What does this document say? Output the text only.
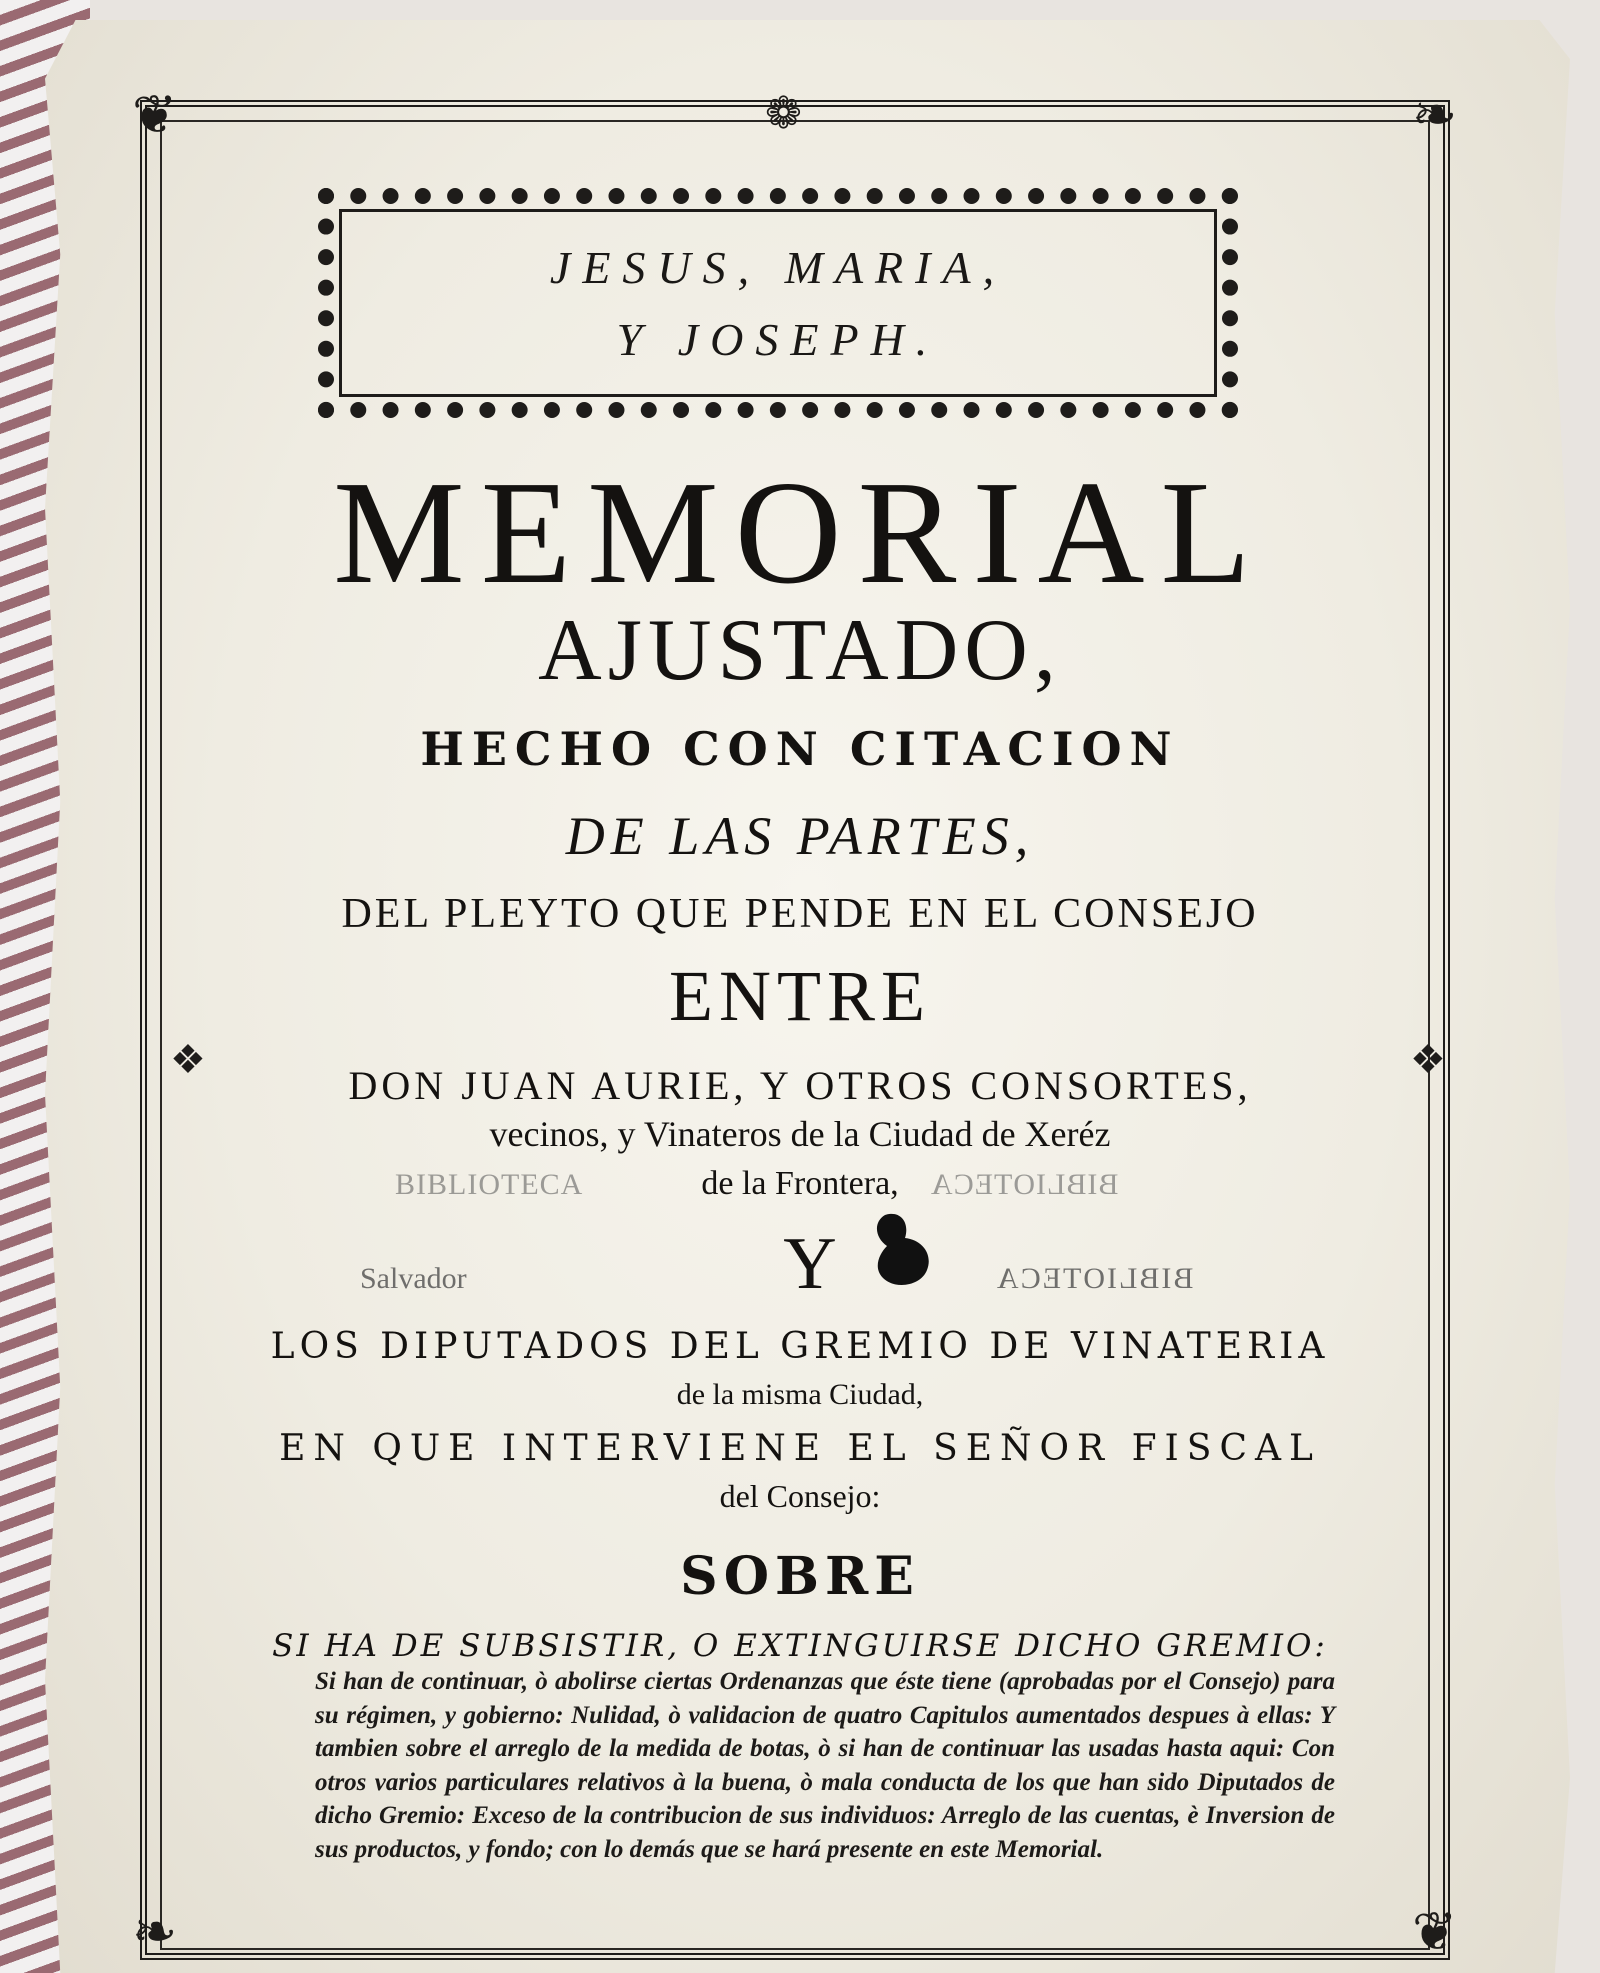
❦	❧
❧	❦
❁
❖	❖
JESUS, MARIA,
Y JOSEPH.
MEMORIAL
AJUSTADO,
HECHO CON CITACION
DE LAS PARTES,
DEL PLEYTO QUE PENDE EN EL CONSEJO
ENTRE
DON JUAN AURIE, Y OTROS CONSORTES,
vecinos, y Vinateros de la Ciudad de Xeréz
de la Frontera,
BIBLIOTECA	BIBLIOTECA
Y
Salvador	BIBLIOTECA
LOS DIPUTADOS DEL GREMIO DE VINATERIA
de la misma Ciudad,
EN QUE INTERVIENE EL SEÑOR FISCAL
del Consejo:
SOBRE
SI HA DE SUBSISTIR, O EXTINGUIRSE DICHO GREMIO:
Si han de continuar, ò abolirse ciertas Ordenanzas que éste tiene (aprobadas por el Consejo) para su régimen, y gobierno: Nulidad, ò validacion de quatro Capitulos aumentados despues à ellas: Y tambien sobre el arreglo de la medida de botas, ò si han de continuar las usadas hasta aqui: Con otros varios particulares relativos à la buena, ò mala conducta de los que han sido Diputados de dicho Gremio: Exceso de la contribucion de sus individuos: Arreglo de las cuentas, è Inversion de sus productos, y fondo; con lo demás que se hará presente en este Memorial.
